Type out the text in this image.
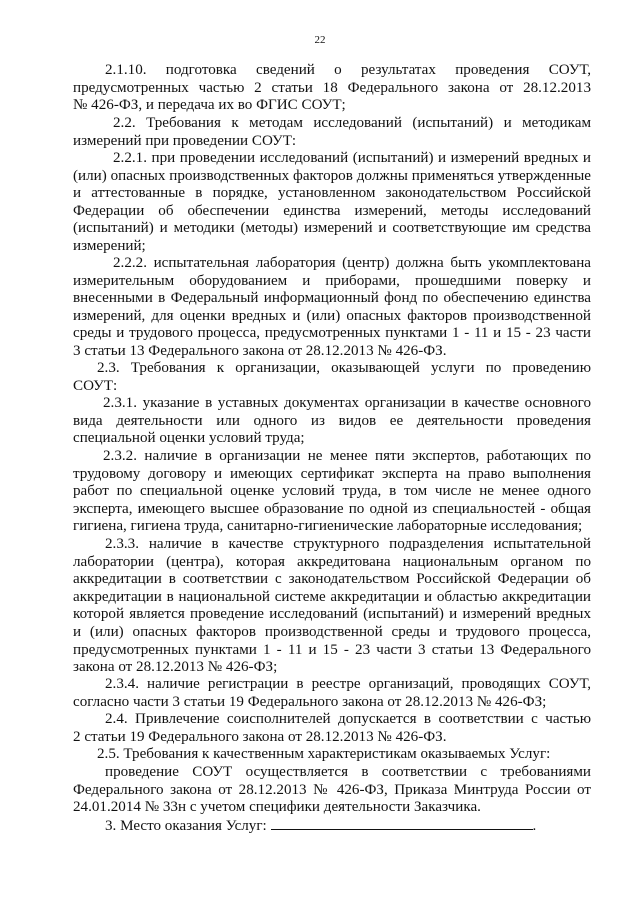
22
2.1.10. подготовка сведений о результатах проведения СОУТ,
предусмотренных частью 2 статьи 18 Федерального закона от 28.12.2013
№ 426-ФЗ, и передача их во ФГИС СОУТ;
2.2. Требования к методам исследований (испытаний) и методикам
измерений при проведении СОУТ:
2.2.1. при проведении исследований (испытаний) и измерений вредных и
(или) опасных производственных факторов должны применяться утвержденные
и аттестованные в порядке, установленном законодательством Российской
Федерации об обеспечении единства измерений, методы исследований
(испытаний) и методики (методы) измерений и соответствующие им средства
измерений;
2.2.2. испытательная лаборатория (центр) должна быть укомплектована
измерительным оборудованием и приборами, прошедшими поверку и
внесенными в Федеральный информационный фонд по обеспечению единства
измерений, для оценки вредных и (или) опасных факторов производственной
среды и трудового процесса, предусмотренных пунктами 1 - 11 и 15 - 23 части
3 статьи 13 Федерального закона от 28.12.2013 № 426-ФЗ.
2.3. Требования к организации, оказывающей услуги по проведению
СОУТ:
2.3.1. указание в уставных документах организации в качестве основного
вида деятельности или одного из видов ее деятельности проведения
специальной оценки условий труда;
2.3.2. наличие в организации не менее пяти экспертов, работающих по
трудовому договору и имеющих сертификат эксперта на право выполнения
работ по специальной оценке условий труда, в том числе не менее одного
эксперта, имеющего высшее образование по одной из специальностей - общая
гигиена, гигиена труда, санитарно-гигиенические лабораторные исследования;
2.3.3. наличие в качестве структурного подразделения испытательной
лаборатории (центра), которая аккредитована национальным органом по
аккредитации в соответствии с законодательством Российской Федерации об
аккредитации в национальной системе аккредитации и областью аккредитации
которой является проведение исследований (испытаний) и измерений вредных
и (или) опасных факторов производственной среды и трудового процесса,
предусмотренных пунктами 1 - 11 и 15 - 23 части 3 статьи 13 Федерального
закона от 28.12.2013 № 426-ФЗ;
2.3.4. наличие регистрации в реестре организаций, проводящих СОУТ,
согласно части 3 статьи 19 Федерального закона от 28.12.2013 № 426-ФЗ;
2.4. Привлечение соисполнителей допускается в соответствии с частью
2 статьи 19 Федерального закона от 28.12.2013 № 426-ФЗ.
2.5. Требования к качественным характеристикам оказываемых Услуг:
проведение СОУТ осуществляется в соответствии с требованиями
Федерального закона от 28.12.2013 № 426-ФЗ, Приказа Минтруда России от
24.01.2014 № 33н с учетом специфики деятельности Заказчика.
3. Место оказания Услуг:	.
